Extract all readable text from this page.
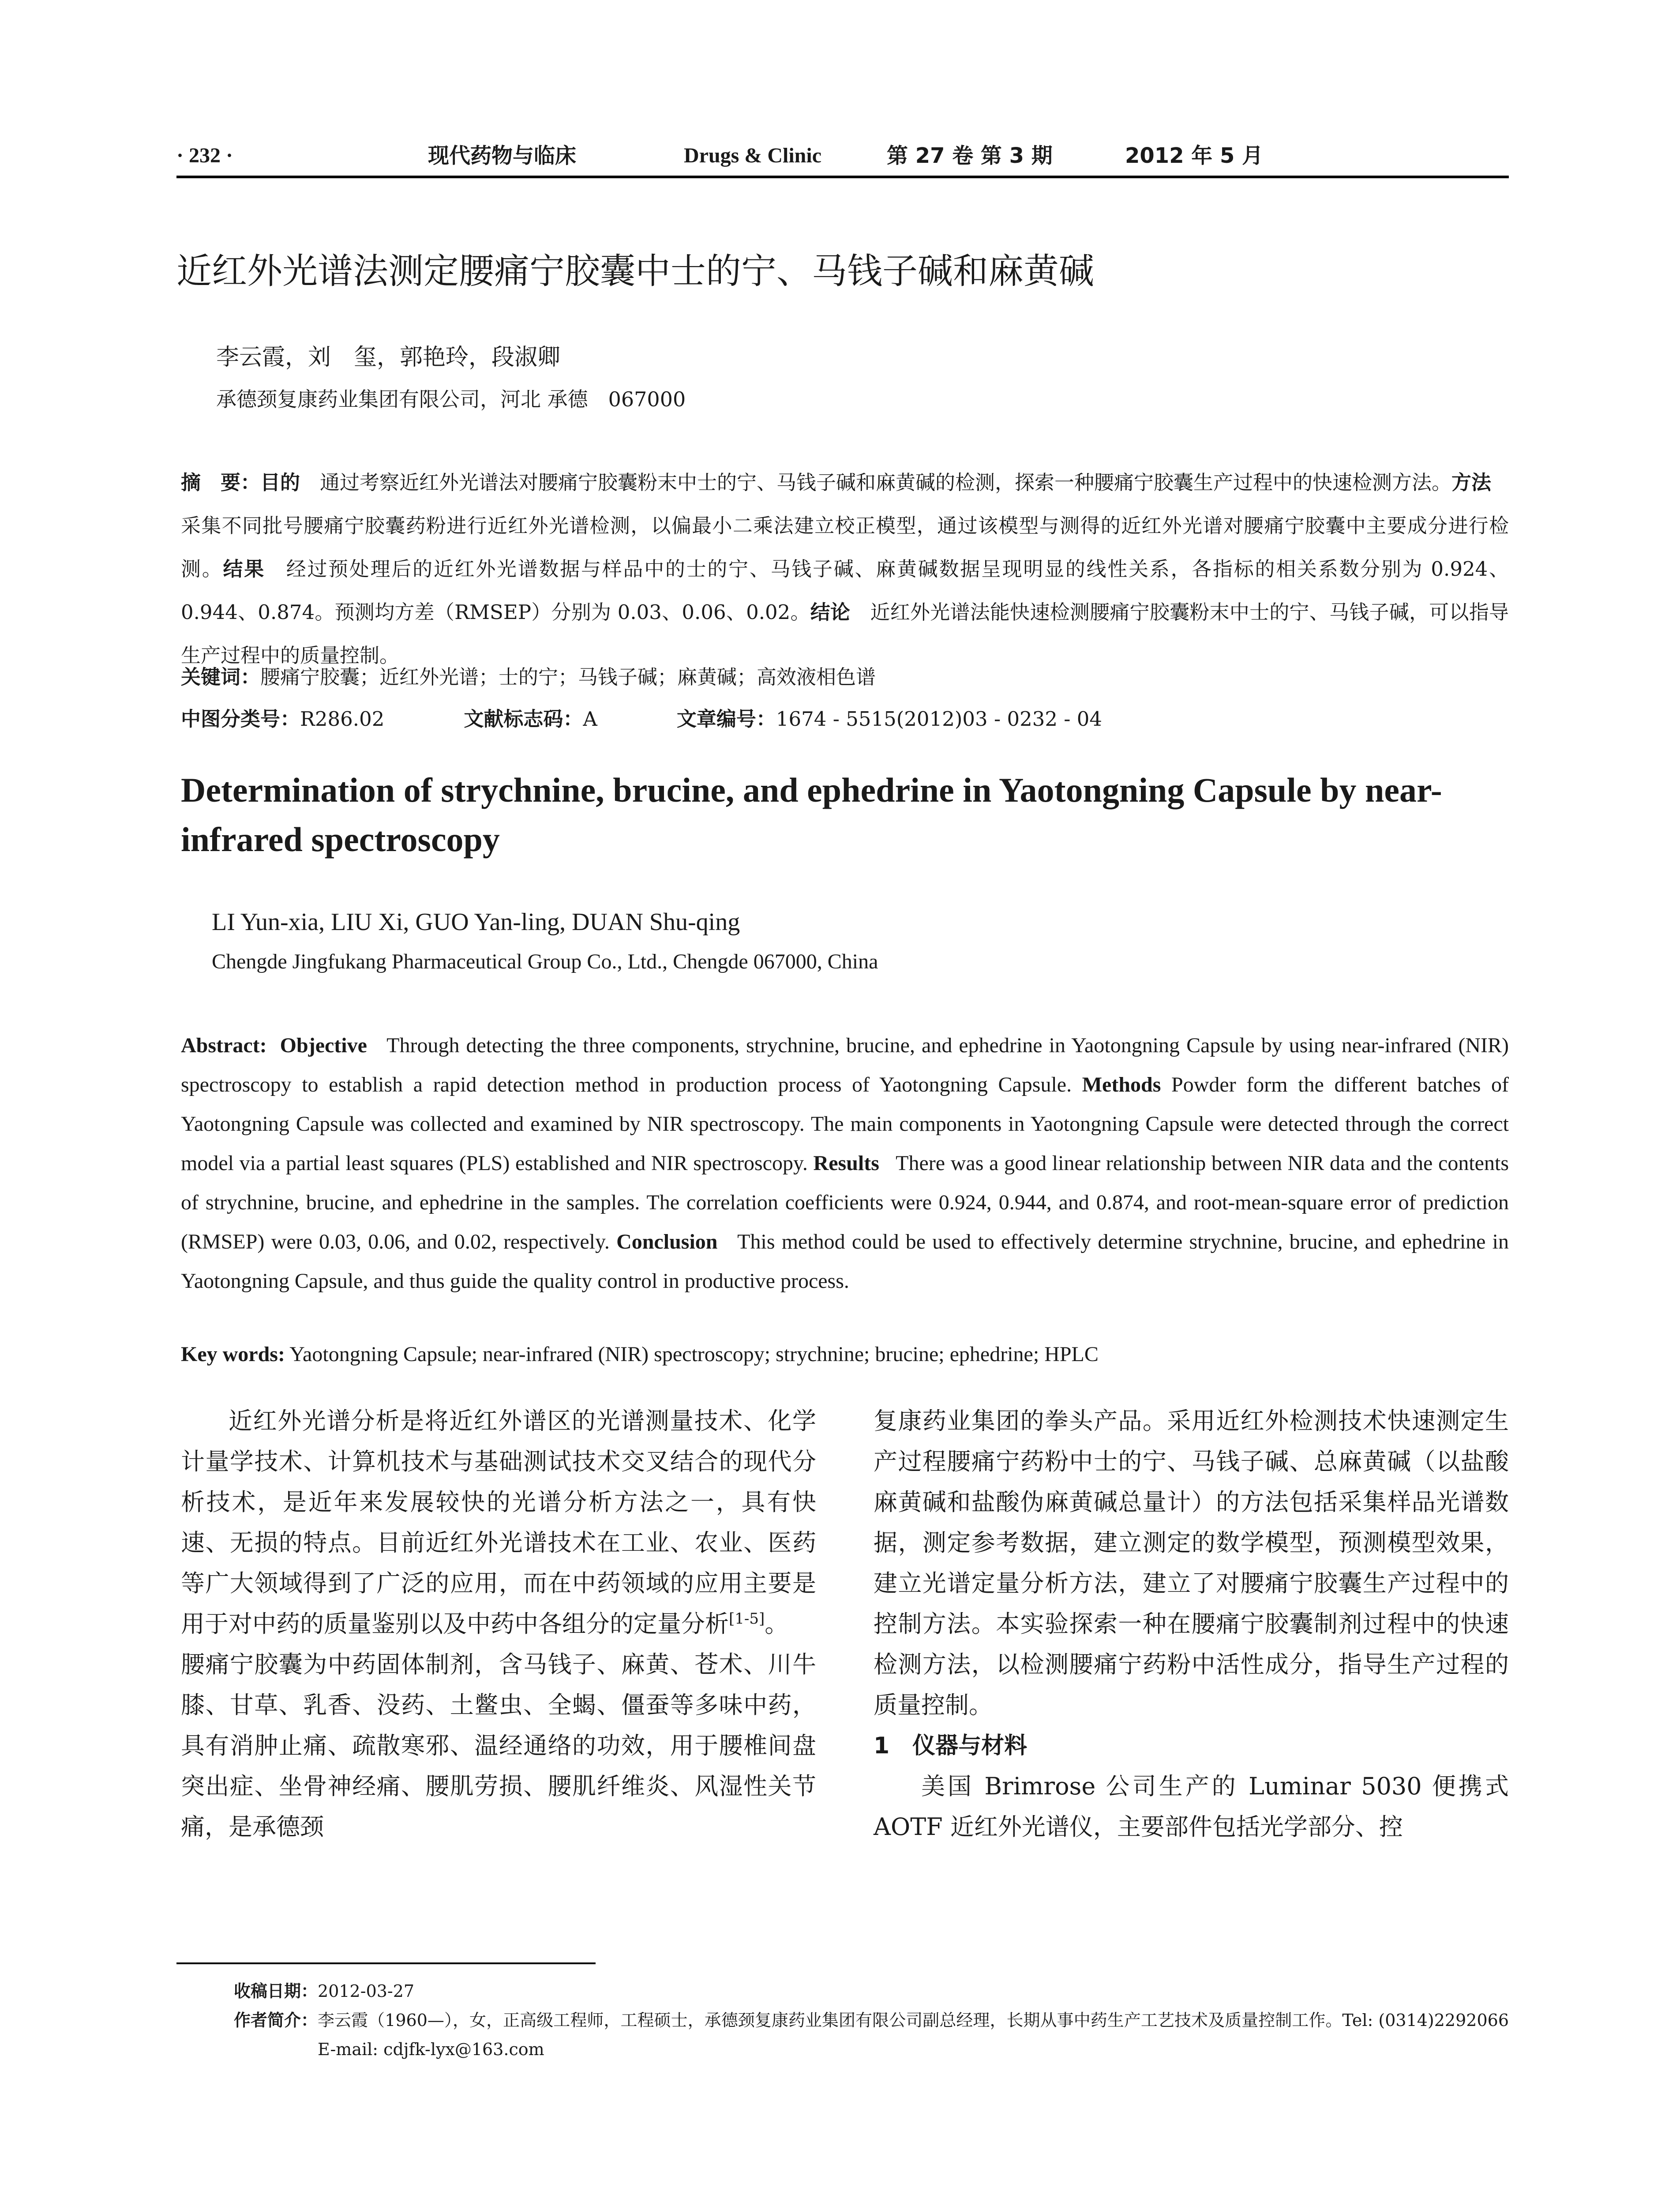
· 232 ·	现代药物与临床	Drugs & Clinic	第 27 卷 第 3 期	2012 年 5 月
近红外光谱法测定腰痛宁胶囊中士的宁、马钱子碱和麻黄碱
李云霞，刘　玺，郭艳玲，段淑卿
承德颈复康药业集团有限公司，河北 承德　067000
摘　要：目的　通过考察近红外光谱法对腰痛宁胶囊粉末中士的宁、马钱子碱和麻黄碱的检测，探索一种腰痛宁胶囊生产过程中的快速检测方法。方法　采集不同批号腰痛宁胶囊药粉进行近红外光谱检测，以偏最小二乘法建立校正模型，通过该模型与测得的近红外光谱对腰痛宁胶囊中主要成分进行检测。结果　经过预处理后的近红外光谱数据与样品中的士的宁、马钱子碱、麻黄碱数据呈现明显的线性关系，各指标的相关系数分别为 0.924、0.944、0.874。预测均方差（RMSEP）分别为 0.03、0.06、0.02。结论　近红外光谱法能快速检测腰痛宁胶囊粉末中士的宁、马钱子碱，可以指导生产过程中的质量控制。
关键词：腰痛宁胶囊；近红外光谱；士的宁；马钱子碱；麻黄碱；高效液相色谱
中图分类号：R286.02	文献标志码：A	文章编号：1674 - 5515(2012)03 - 0232 - 04
Determination of strychnine, brucine, and ephedrine in Yaotongning Capsule by near-infrared spectroscopy
LI Yun-xia, LIU Xi, GUO Yan-ling, DUAN Shu-qing
Chengde Jingfukang Pharmaceutical Group Co., Ltd., Chengde 067000, China
Abstract: Objective Through detecting the three components, strychnine, brucine, and ephedrine in Yaotongning Capsule by using near-infrared (NIR) spectroscopy to establish a rapid detection method in production process of Yaotongning Capsule. Methods Powder form the different batches of Yaotongning Capsule was collected and examined by NIR spectroscopy. The main components in Yaotongning Capsule were detected through the correct model via a partial least squares (PLS) established and NIR spectroscopy. Results There was a good linear relationship between NIR data and the contents of strychnine, brucine, and ephedrine in the samples. The correlation coefficients were 0.924, 0.944, and 0.874, and root-mean-square error of prediction (RMSEP) were 0.03, 0.06, and 0.02, respectively. Conclusion This method could be used to effectively determine strychnine, brucine, and ephedrine in Yaotongning Capsule, and thus guide the quality control in productive process.
Key words: Yaotongning Capsule; near-infrared (NIR) spectroscopy; strychnine; brucine; ephedrine; HPLC

近红外光谱分析是将近红外谱区的光谱测量技术、化学计量学技术、计算机技术与基础测试技术交叉结合的现代分析技术，是近年来发展较快的光谱分析方法之一，具有快速、无损的特点。目前近红外光谱技术在工业、农业、医药等广大领域得到了广泛的应用，而在中药领域的应用主要是用于对中药的质量鉴别以及中药中各组分的定量分析[1-5]。

腰痛宁胶囊为中药固体制剂，含马钱子、麻黄、苍术、川牛膝、甘草、乳香、没药、土鳖虫、全蝎、僵蚕等多味中药，具有消肿止痛、疏散寒邪、温经通络的功效，用于腰椎间盘突出症、坐骨神经痛、腰肌劳损、腰肌纤维炎、风湿性关节痛，是承德颈

复康药业集团的拳头产品。采用近红外检测技术快速测定生产过程腰痛宁药粉中士的宁、马钱子碱、总麻黄碱（以盐酸麻黄碱和盐酸伪麻黄碱总量计）的方法包括采集样品光谱数据，测定参考数据，建立测定的数学模型，预测模型效果，建立光谱定量分析方法，建立了对腰痛宁胶囊生产过程中的控制方法。本实验探索一种在腰痛宁胶囊制剂过程中的快速检测方法，以检测腰痛宁药粉中活性成分，指导生产过程的质量控制。

1　仪器与材料

美国 Brimrose 公司生产的 Luminar 5030 便携式 AOTF 近红外光谱仪，主要部件包括光学部分、控

收稿日期： 2012-03-27
作者简介： 李云霞（1960—），女，正高级工程师，工程硕士，承德颈复康药业集团有限公司副总经理，长期从事中药生产工艺技术及质量控制工作。Tel: (0314)2292066　E-mail: cdjfk-lyx@163.com
